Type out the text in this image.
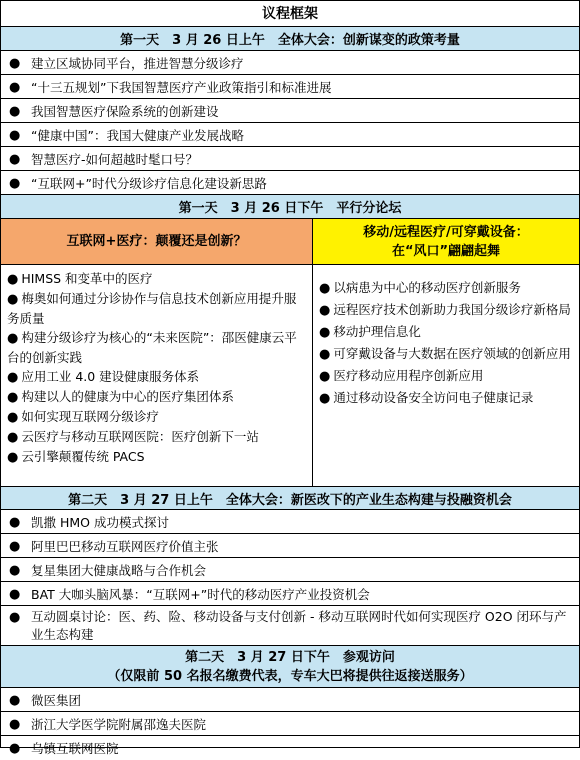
议程框架
第一天　3 月 26 日上午　全体大会：创新谋变的政策考量
●
建立区域协同平台，推进智慧分级诊疗
●
“十三五规划”下我国智慧医疗产业政策指引和标准进展
●
我国智慧医疗保险系统的创新建设
●
“健康中国”：我国大健康产业发展战略
●
智慧医疗-如何超越时髦口号？
●
“互联网+”时代分级诊疗信息化建设新思路
第一天　3 月 26 日下午　平行分论坛
互联网+医疗：颠覆还是创新？

● HIMSS 和变革中的医疗

● 梅奥如何通过分诊协作与信息技术创新应用提升服务质量

● 构建分级诊疗为核心的“未来医院”：邵医健康云平台的创新实践

● 应用工业 4.0 建设健康服务体系

● 构建以人的健康为中心的医疗集团体系

● 如何实现互联网分级诊疗

● 云医疗与移动互联网医院：医疗创新下一站

● 云引擎颠覆传统 PACS

移动/远程医疗/可穿戴设备：
在“风口”翩翩起舞

● 以病患为中心的移动医疗创新服务

● 远程医疗技术创新助力我国分级诊疗新格局

● 移动护理信息化

● 可穿戴设备与大数据在医疗领域的创新应用

● 医疗移动应用程序创新应用

● 通过移动设备安全访问电子健康记录

第二天　3 月 27 日上午　全体大会：新医改下的产业生态构建与投融资机会
●
凯撒 HMO 成功模式探讨
●
阿里巴巴移动互联网医疗价值主张
●
复星集团大健康战略与合作机会
●
BAT 大咖头脑风暴：“互联网+”时代的移动医疗产业投资机会
●
互动圆桌讨论：医、药、险、移动设备与支付创新 - 移动互联网时代如何实现医疗 O2O 闭环与产业生态构建
第二天　3 月 27 日下午　参观访问
（仅限前 50 名报名缴费代表，专车大巴将提供往返接送服务）
●
微医集团
●
浙江大学医学院附属邵逸夫医院
●
乌镇互联网医院
